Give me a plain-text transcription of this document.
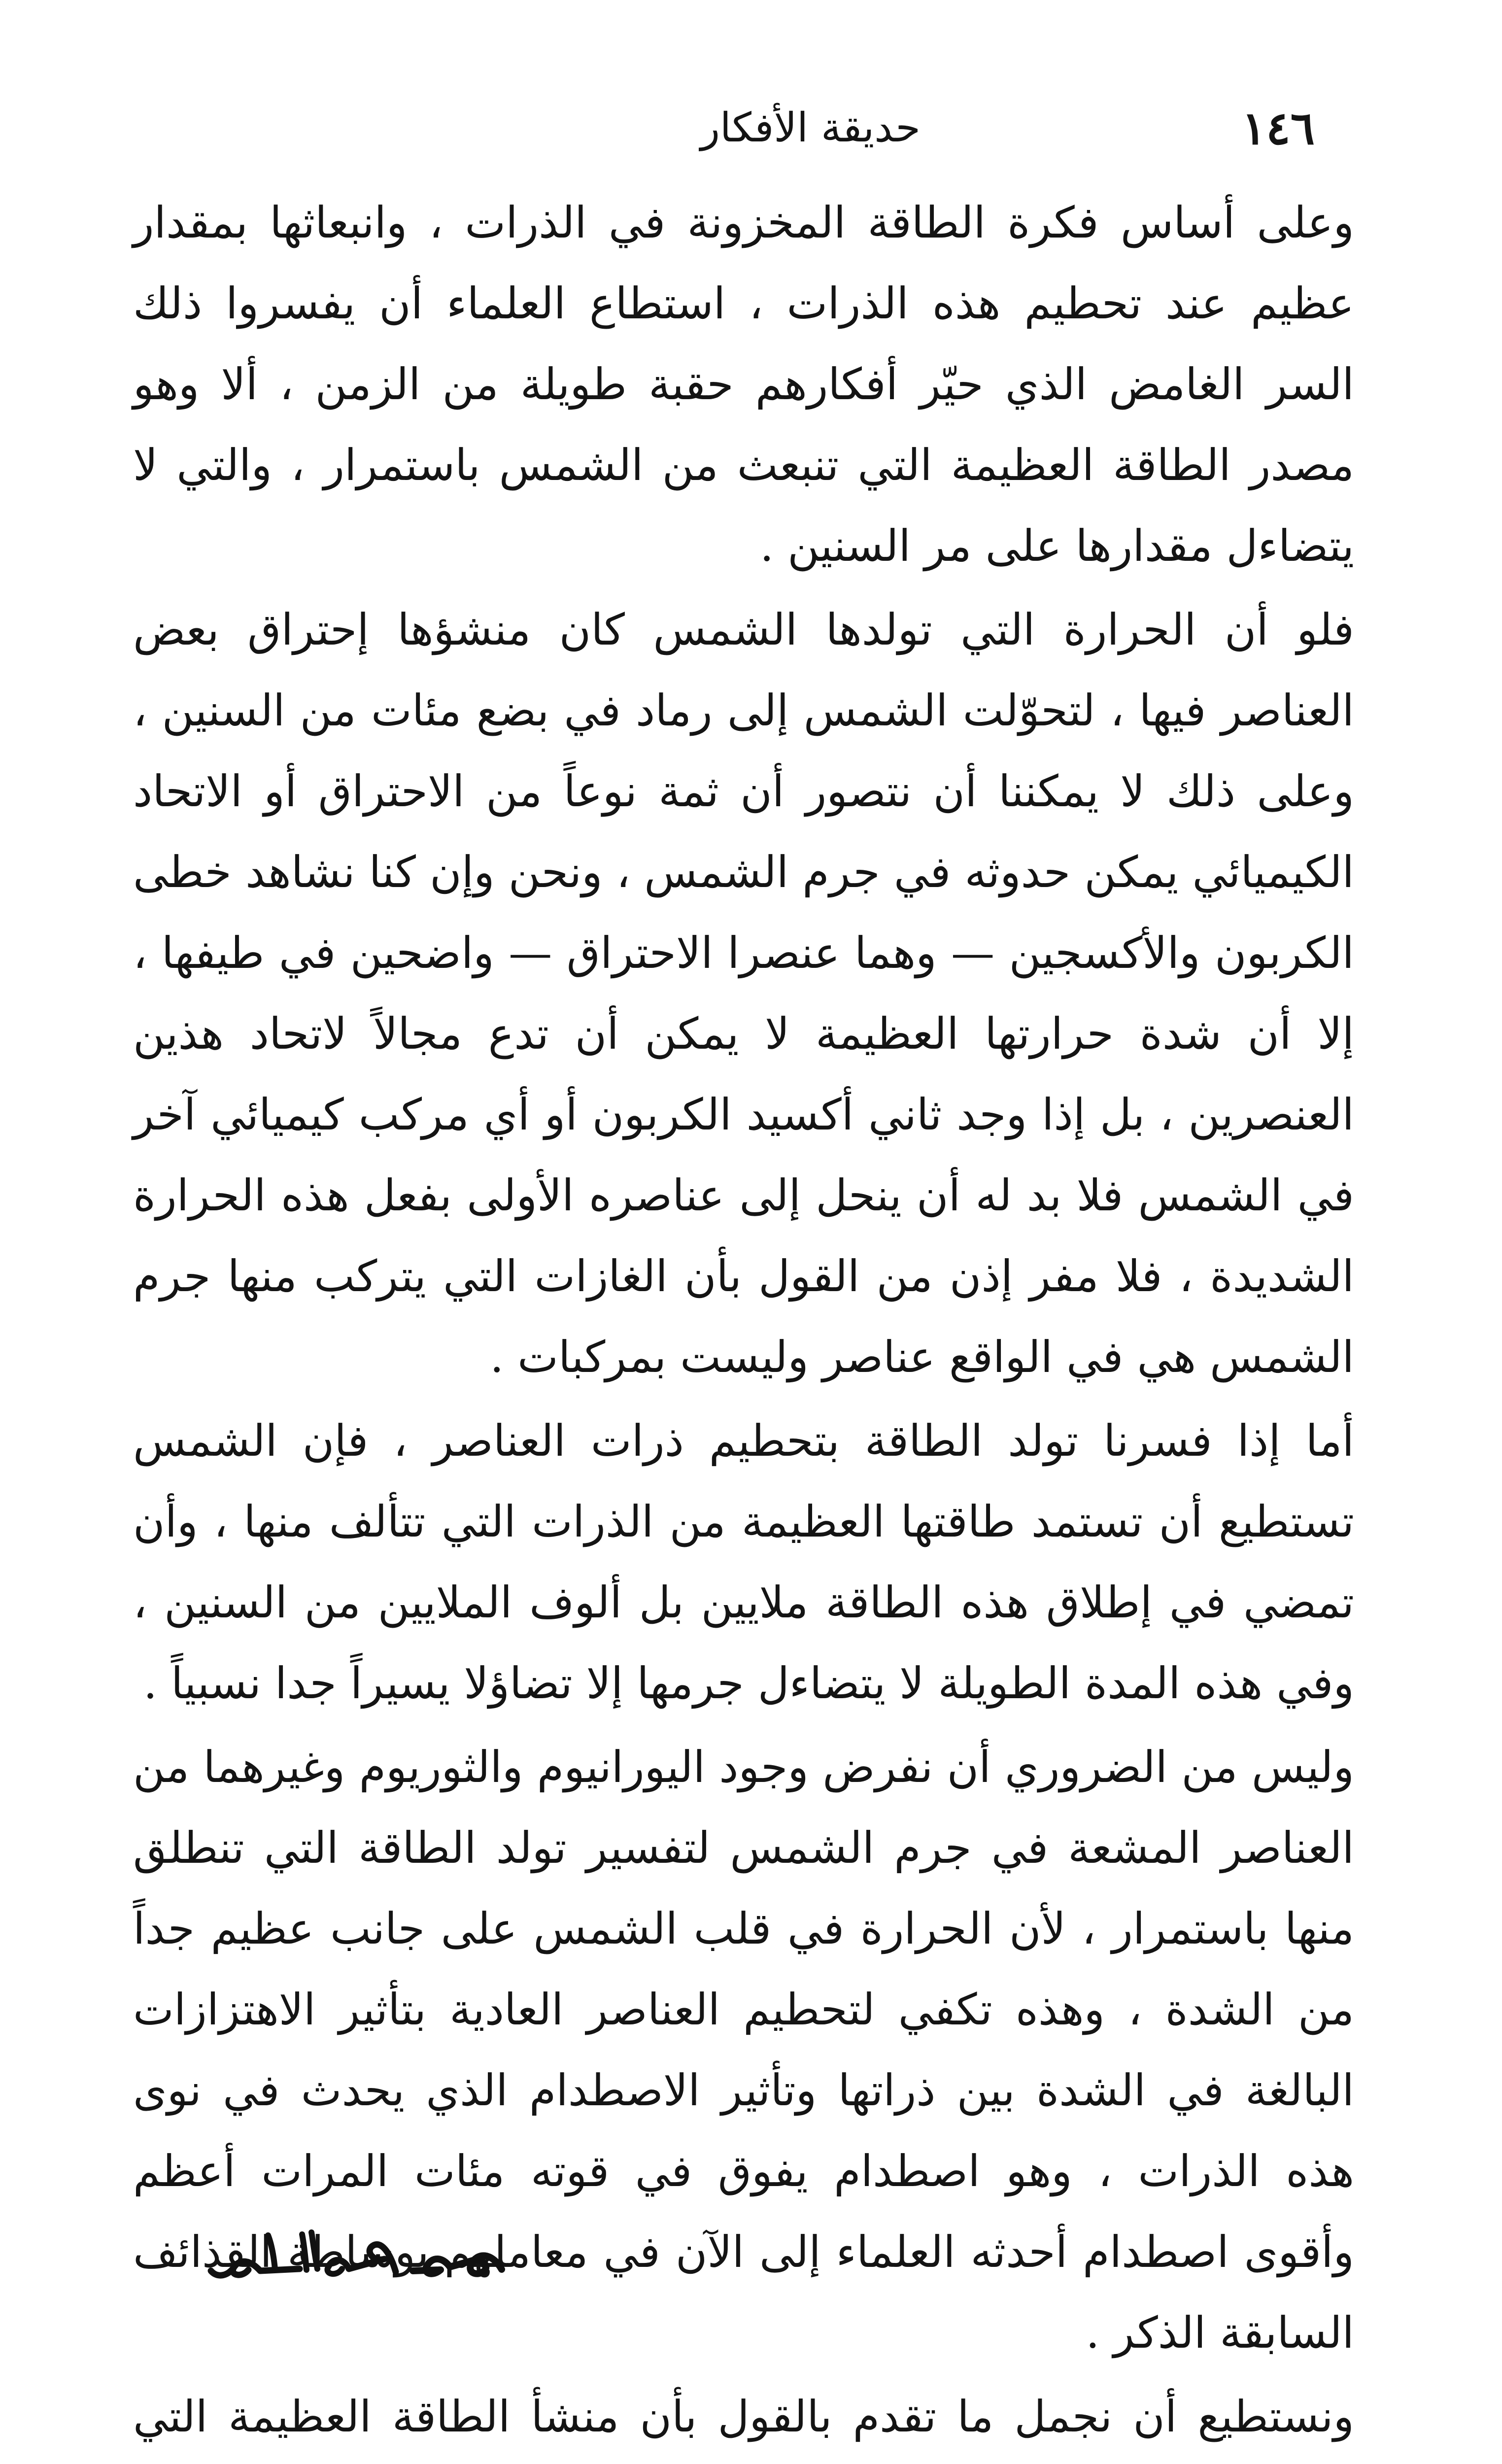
١٤٦
حديقة الأفكار

وعلى أساس فكرة الطاقة المخزونة في الذرات ، وانبعاثها بمقدار عظيم عند تحطيم هذه الذرات ، استطاع العلماء أن يفسروا ذلك السر الغامض الذي حيّر أفكارهم حقبة طويلة من الزمن ، ألا وهو مصدر الطاقة العظيمة التي تنبعث من الشمس باستمرار ، والتي لا يتضاءل مقدارها على مر السنين .

فلو أن الحرارة التي تولدها الشمس كان منشؤها إحتراق بعض العناصر فيها ، لتحوّلت الشمس إلى رماد في بضع مئات من السنين ، وعلى ذلك لا يمكننا أن نتصور أن ثمة نوعاً من الاحتراق أو الاتحاد الكيميائي يمكن حدوثه في جرم الشمس ، ونحن وإن كنا نشاهد خطى الكربون والأكسجين — وهما عنصرا الاحتراق — واضحين في طيفها ، إلا أن شدة حرارتها العظيمة لا يمكن أن تدع مجالاً لاتحاد هذين العنصرين ، بل إذا وجد ثاني أكسيد الكربون أو أي مركب كيميائي آخر في الشمس فلا بد له أن ينحل إلى عناصره الأولى بفعل هذه الحرارة الشديدة ، فلا مفر إذن من القول بأن الغازات التي يتركب منها جرم الشمس هي في الواقع عناصر وليست بمركبات .

أما إذا فسرنا تولد الطاقة بتحطيم ذرات العناصر ، فإن الشمس تستطيع أن تستمد طاقتها العظيمة من الذرات التي تتألف منها ، وأن تمضي في إطلاق هذه الطاقة ملايين بل ألوف الملايين من السنين ، وفي هذه المدة الطويلة لا يتضاءل جرمها إلا تضاؤلا يسيراً جدا نسبياً .

وليس من الضروري أن نفرض وجود اليورانيوم والثوريوم وغيرهما من العناصر المشعة في جرم الشمس لتفسير تولد الطاقة التي تنطلق منها باستمرار ، لأن الحرارة في قلب الشمس على جانب عظيم جداً من الشدة ، وهذه تكفي لتحطيم العناصر العادية بتأثير الاهتزازات البالغة في الشدة بين ذراتها وتأثير الاصطدام الذي يحدث في نوى هذه الذرات ، وهو اصطدام يفوق في قوته مئات المرات أعظم وأقوى اصطدام أحدثه العلماء إلى الآن في معاملهم بوساطة القذائف السابقة الذكر .

ونستطيع أن نجمل ما تقدم بالقول بأن منشأ الطاقة العظيمة التي
